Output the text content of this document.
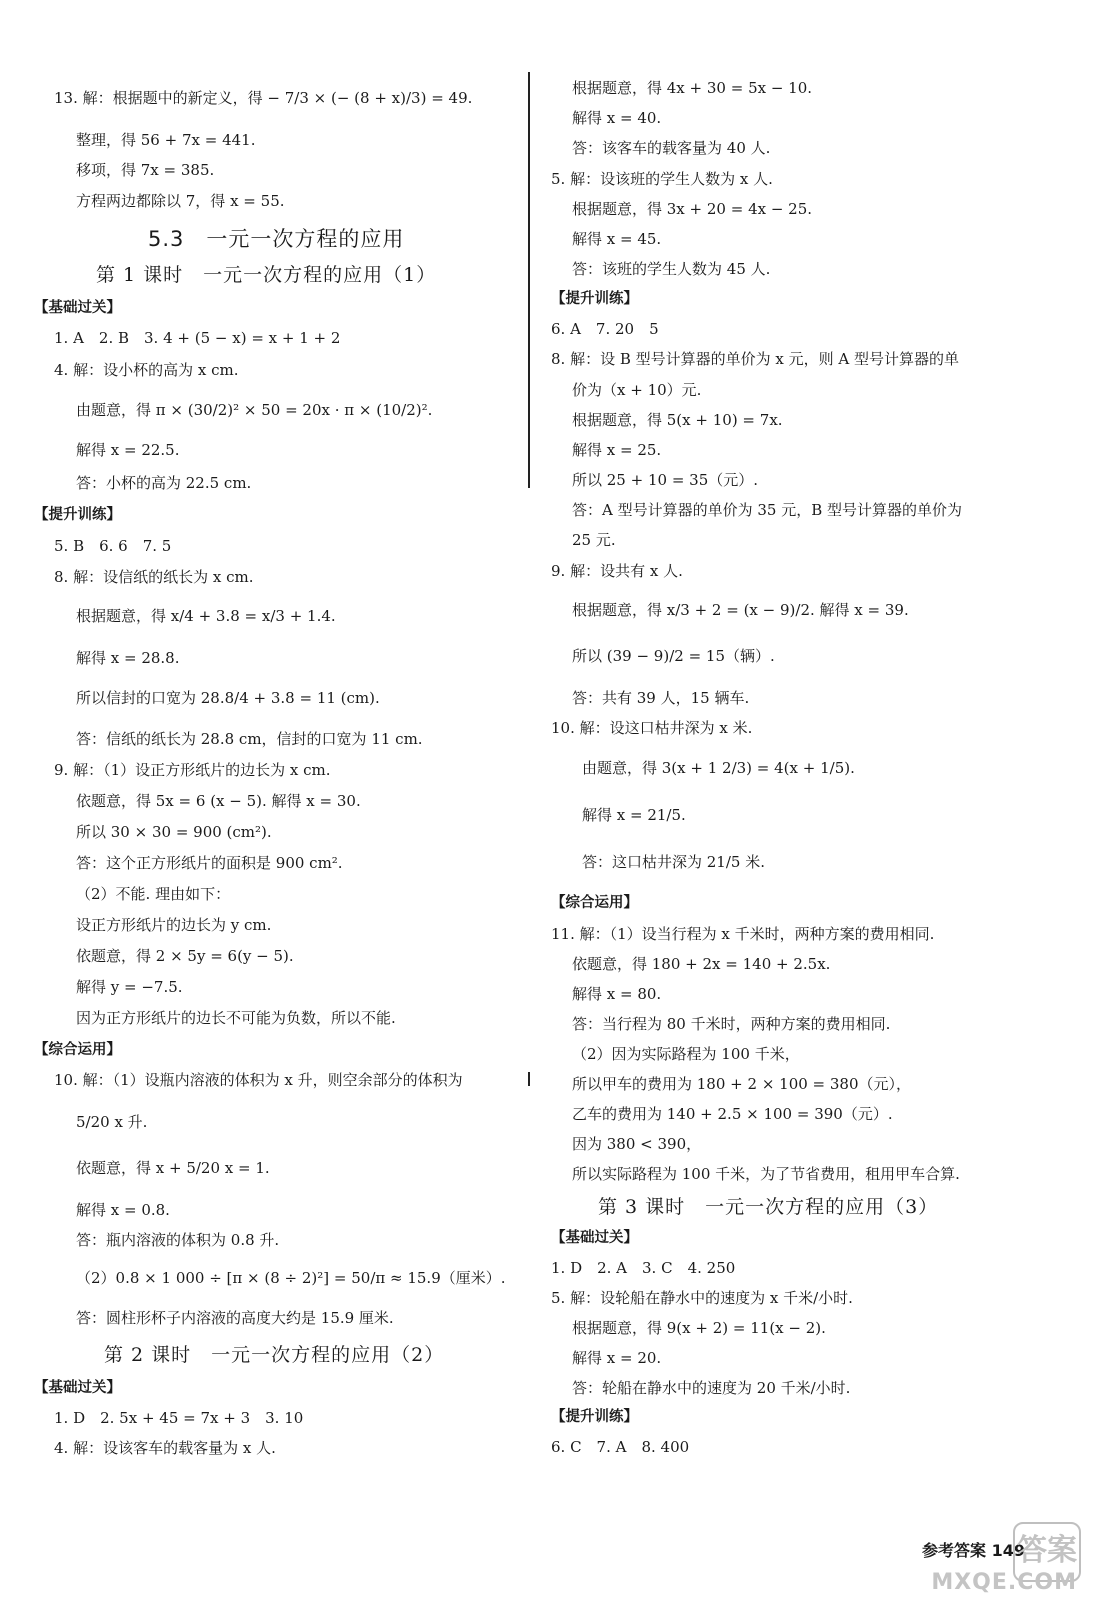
13. 解：根据题中的新定义，得 − 7/3 × (− (8 + x)/3) = 49.
整理，得 56 + 7x = 441.
移项，得 7x = 385.
方程两边都除以 7，得 x = 55.
5.3　一元一次方程的应用
第 1 课时　一元一次方程的应用（1）
【基础过关】
1. A　2. B　3. 4 + (5 − x) = x + 1 + 2
4. 解：设小杯的高为 x cm.
由题意，得 π × (30/2)² × 50 = 20x · π × (10/2)².
解得 x = 22.5.
答：小杯的高为 22.5 cm.
【提升训练】
5. B　6. 6　7. 5
8. 解：设信纸的纸长为 x cm.
根据题意，得 x/4 + 3.8 = x/3 + 1.4.
解得 x = 28.8.
所以信封的口宽为 28.8/4 + 3.8 = 11 (cm).
答：信纸的纸长为 28.8 cm，信封的口宽为 11 cm.
9. 解：（1）设正方形纸片的边长为 x cm.
依题意，得 5x = 6 (x − 5). 解得 x = 30.
所以 30 × 30 = 900 (cm²).
答：这个正方形纸片的面积是 900 cm².
（2）不能. 理由如下：
设正方形纸片的边长为 y cm.
依题意，得 2 × 5y = 6(y − 5).
解得 y = −7.5.
因为正方形纸片的边长不可能为负数，所以不能.
【综合运用】
10. 解：（1）设瓶内溶液的体积为 x 升，则空余部分的体积为
5/20 x 升.
依题意，得 x + 5/20 x = 1.
解得 x = 0.8.
答：瓶内溶液的体积为 0.8 升.
（2）0.8 × 1 000 ÷ [π × (8 ÷ 2)²] = 50/π ≈ 15.9（厘米）.
答：圆柱形杯子内溶液的高度大约是 15.9 厘米.
第 2 课时　一元一次方程的应用（2）
【基础过关】
1. D　2. 5x + 45 = 7x + 3　3. 10
4. 解：设该客车的载客量为 x 人.
根据题意，得 4x + 30 = 5x − 10.
解得 x = 40.
答：该客车的载客量为 40 人.
5. 解：设该班的学生人数为 x 人.
根据题意，得 3x + 20 = 4x − 25.
解得 x = 45.
答：该班的学生人数为 45 人.
【提升训练】
6. A　7. 20　5
8. 解：设 B 型号计算器的单价为 x 元，则 A 型号计算器的单
价为（x + 10）元.
根据题意，得 5(x + 10) = 7x.
解得 x = 25.
所以 25 + 10 = 35（元）.
答：A 型号计算器的单价为 35 元，B 型号计算器的单价为
25 元.
9. 解：设共有 x 人.
根据题意，得 x/3 + 2 = (x − 9)/2. 解得 x = 39.
所以 (39 − 9)/2 = 15（辆）.
答：共有 39 人，15 辆车.
10. 解：设这口枯井深为 x 米.
由题意，得 3(x + 1 2/3) = 4(x + 1/5).
解得 x = 21/5.
答：这口枯井深为 21/5 米.
【综合运用】
11. 解：（1）设当行程为 x 千米时，两种方案的费用相同.
依题意，得 180 + 2x = 140 + 2.5x.
解得 x = 80.
答：当行程为 80 千米时，两种方案的费用相同.
（2）因为实际路程为 100 千米，
所以甲车的费用为 180 + 2 × 100 = 380（元），
乙车的费用为 140 + 2.5 × 100 = 390（元）.
因为 380 < 390，
所以实际路程为 100 千米，为了节省费用，租用甲车合算.
第 3 课时　一元一次方程的应用（3）
【基础过关】
1. D　2. A　3. C　4. 250
5. 解：设轮船在静水中的速度为 x 千米/小时.
根据题意，得 9(x + 2) = 11(x − 2).
解得 x = 20.
答：轮船在静水中的速度为 20 千米/小时.
【提升训练】
6. C　7. A　8. 400
参考答案 149
答案
MXQE.COM
